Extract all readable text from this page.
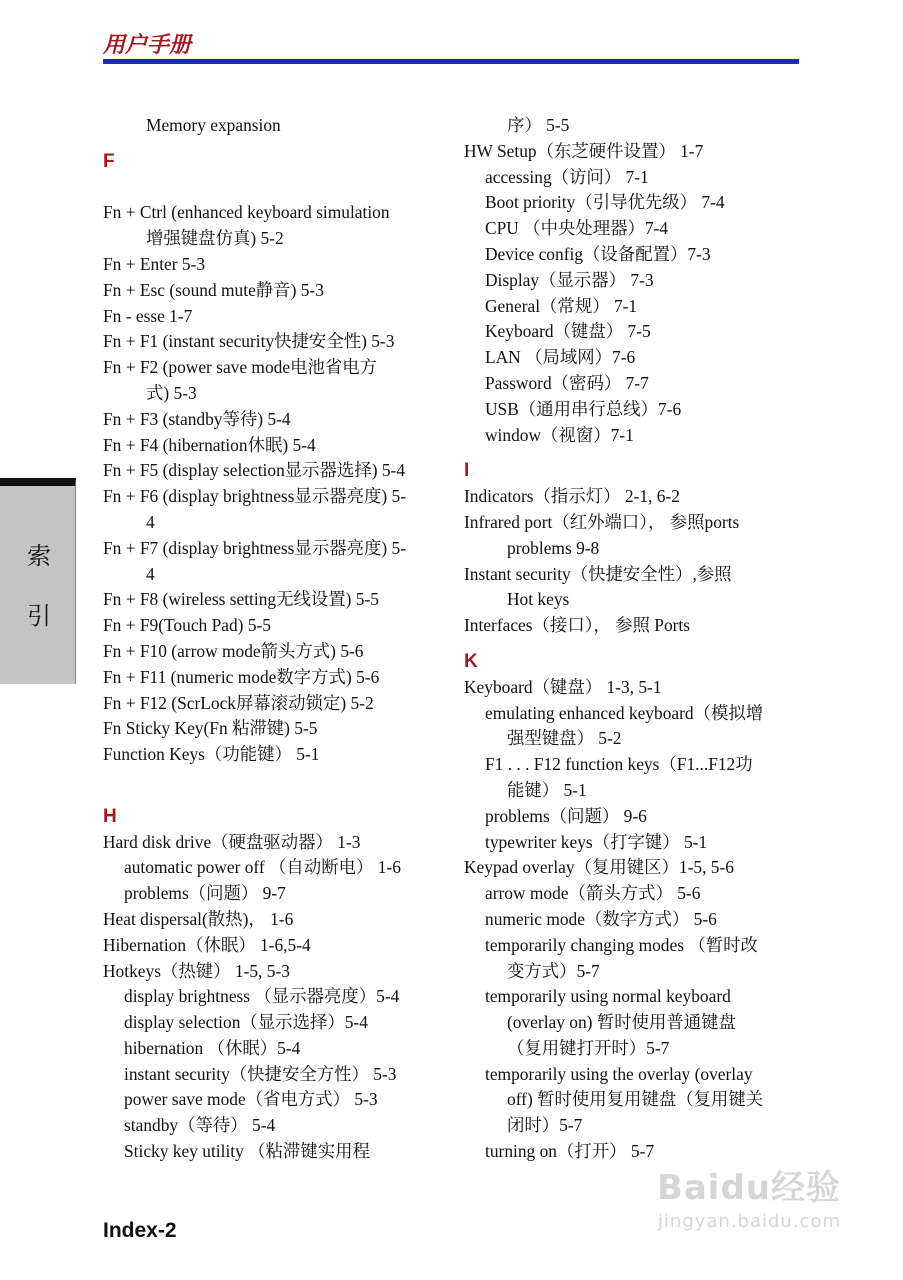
用户手册
索
引
Memory expansion
F
Fn + Ctrl (enhanced keyboard simulation
增强键盘仿真) 5-2
Fn + Enter 5-3
Fn + Esc (sound mute静音) 5-3
Fn - esse 1-7
Fn + F1 (instant security快捷安全性) 5-3
Fn + F2 (power save mode电池省电方
式) 5-3
Fn + F3 (standby等待) 5-4
Fn + F4 (hibernation休眠) 5-4
Fn + F5 (display selection显示器选择) 5-4
Fn + F6 (display brightness显示器亮度) 5-
4
Fn + F7 (display brightness显示器亮度) 5-
4
Fn + F8 (wireless setting无线设置) 5-5
Fn + F9(Touch Pad) 5-5
Fn + F10 (arrow mode箭头方式) 5-6
Fn + F11 (numeric mode数字方式) 5-6
Fn + F12 (ScrLock屏幕滚动锁定) 5-2
Fn Sticky Key(Fn 粘滞键) 5-5
Function Keys（功能键） 5-1
H
Hard disk drive（硬盘驱动器） 1-3
automatic power off （自动断电） 1-6
problems（问题） 9-7
Heat dispersal(散热)， 1-6
Hibernation（休眠） 1-6,5-4
Hotkeys（热键） 1-5, 5-3
display brightness （显示器亮度）5-4
display selection（显示选择）5-4
hibernation （休眠）5-4
instant security（快捷安全方性） 5-3
power save mode（省电方式） 5-3
standby（等待） 5-4
Sticky key utility （粘滞键实用程
序） 5-5
HW Setup（东芝硬件设置） 1-7
accessing（访问） 7-1
Boot priority（引导优先级） 7-4
CPU （中央处理器）7-4
Device config（设备配置）7-3
Display（显示器） 7-3
General（常规） 7-1
Keyboard（键盘） 7-5
LAN （局域网）7-6
Password（密码） 7-7
USB（通用串行总线）7-6
window（视窗）7-1
I
Indicators（指示灯） 2-1, 6-2
Infrared port（红外端口）， 参照ports
problems 9-8
Instant security（快捷安全性）,参照
Hot keys
Interfaces（接口）， 参照 Ports
K
Keyboard（键盘） 1-3, 5-1
emulating enhanced keyboard（模拟增
强型键盘） 5-2
F1 . . . F12 function keys（F1...F12功
能键） 5-1
problems（问题） 9-6
typewriter keys（打字键） 5-1
Keypad overlay（复用键区）1-5, 5-6
arrow mode（箭头方式） 5-6
numeric mode（数字方式） 5-6
temporarily changing modes （暂时改
变方式）5-7
temporarily using normal keyboard
(overlay on) 暂时使用普通键盘
（复用键打开时）5-7
temporarily using the overlay (overlay
off) 暂时使用复用键盘（复用键关
闭时）5-7
turning on（打开） 5-7
Index-2
Baidu经验
jingyan.baidu.com
